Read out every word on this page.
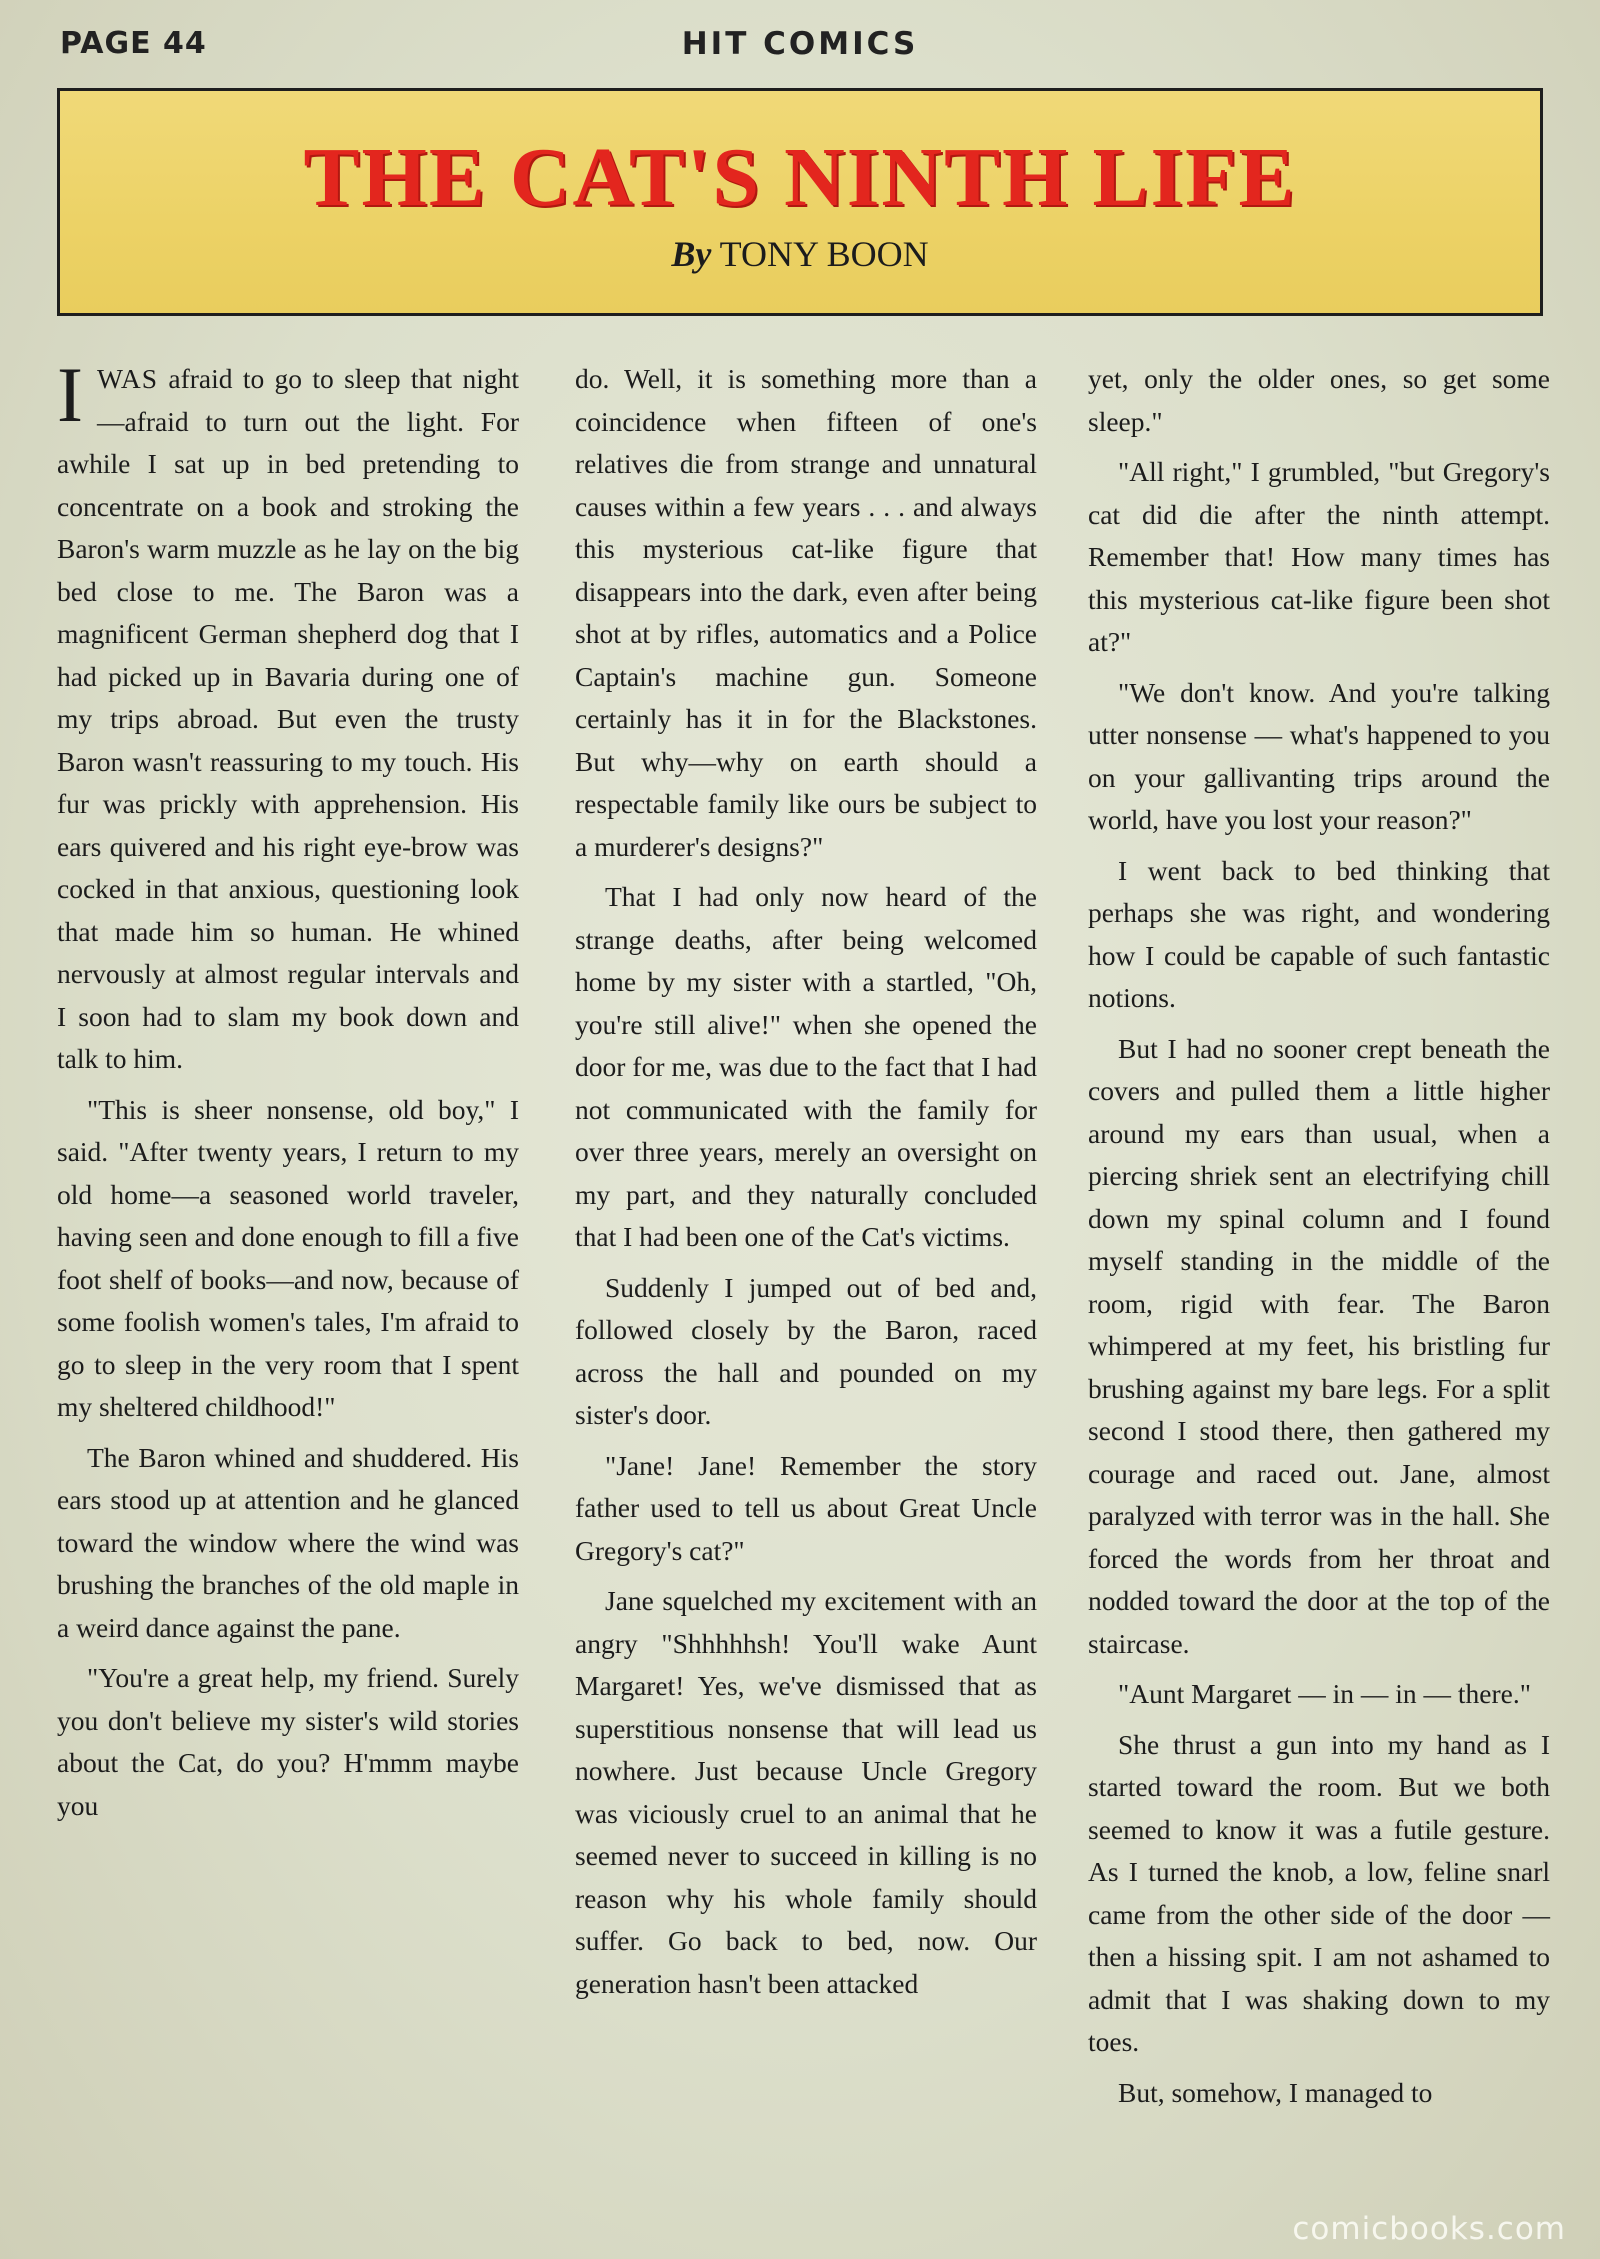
PAGE 44	HIT COMICS
THE CAT'S NINTH LIFE
By TONY BOON

IWAS afraid to go to sleep that night—afraid to turn out the light. For awhile I sat up in bed pretending to concentrate on a book and stroking the Baron's warm muzzle as he lay on the big bed close to me. The Baron was a magnificent German shepherd dog that I had picked up in Bavaria during one of my trips abroad. But even the trusty Baron wasn't reassuring to my touch. His fur was prickly with apprehension. His ears quivered and his right eye-brow was cocked in that anxious, questioning look that made him so human. He whined nervously at almost regular intervals and I soon had to slam my book down and talk to him.

"This is sheer nonsense, old boy," I said. "After twenty years, I return to my old home—a seasoned world traveler, having seen and done enough to fill a five foot shelf of books—and now, because of some foolish women's tales, I'm afraid to go to sleep in the very room that I spent my sheltered childhood!"

The Baron whined and shuddered. His ears stood up at attention and he glanced toward the window where the wind was brushing the branches of the old maple in a weird dance against the pane.

"You're a great help, my friend. Surely you don't believe my sister's wild stories about the Cat, do you? H'mmm maybe you

do. Well, it is something more than a coincidence when fifteen of one's relatives die from strange and unnatural causes within a few years . . . and always this mysterious cat-like figure that disappears into the dark, even after being shot at by rifles, automatics and a Police Captain's machine gun. Someone certainly has it in for the Blackstones. But why—why on earth should a respectable family like ours be subject to a murderer's designs?"

That I had only now heard of the strange deaths, after being welcomed home by my sister with a startled, "Oh, you're still alive!" when she opened the door for me, was due to the fact that I had not communicated with the family for over three years, merely an oversight on my part, and they naturally concluded that I had been one of the Cat's victims.

Suddenly I jumped out of bed and, followed closely by the Baron, raced across the hall and pounded on my sister's door.

"Jane! Jane! Remember the story father used to tell us about Great Uncle Gregory's cat?"

Jane squelched my excitement with an angry "Shhhhhsh! You'll wake Aunt Margaret! Yes, we've dismissed that as superstitious nonsense that will lead us nowhere. Just because Uncle Gregory was viciously cruel to an animal that he seemed never to succeed in killing is no reason why his whole family should suffer. Go back to bed, now. Our generation hasn't been attacked

yet, only the older ones, so get some sleep."

"All right," I grumbled, "but Gregory's cat did die after the ninth attempt. Remember that! How many times has this mysterious cat-like figure been shot at?"

"We don't know. And you're talking utter nonsense — what's happened to you on your gallivanting trips around the world, have you lost your reason?"

I went back to bed thinking that perhaps she was right, and wondering how I could be capable of such fantastic notions.

But I had no sooner crept beneath the covers and pulled them a little higher around my ears than usual, when a piercing shriek sent an electrifying chill down my spinal column and I found myself standing in the middle of the room, rigid with fear. The Baron whimpered at my feet, his bristling fur brushing against my bare legs. For a split second I stood there, then gathered my courage and raced out. Jane, almost paralyzed with terror was in the hall. She forced the words from her throat and nodded toward the door at the top of the staircase.

"Aunt Margaret — in — in — there."

She thrust a gun into my hand as I started toward the room. But we both seemed to know it was a futile gesture. As I turned the knob, a low, feline snarl came from the other side of the door —then a hissing spit. I am not ashamed to admit that I was shaking down to my toes.

But, somehow, I managed to

comicbooks.com
